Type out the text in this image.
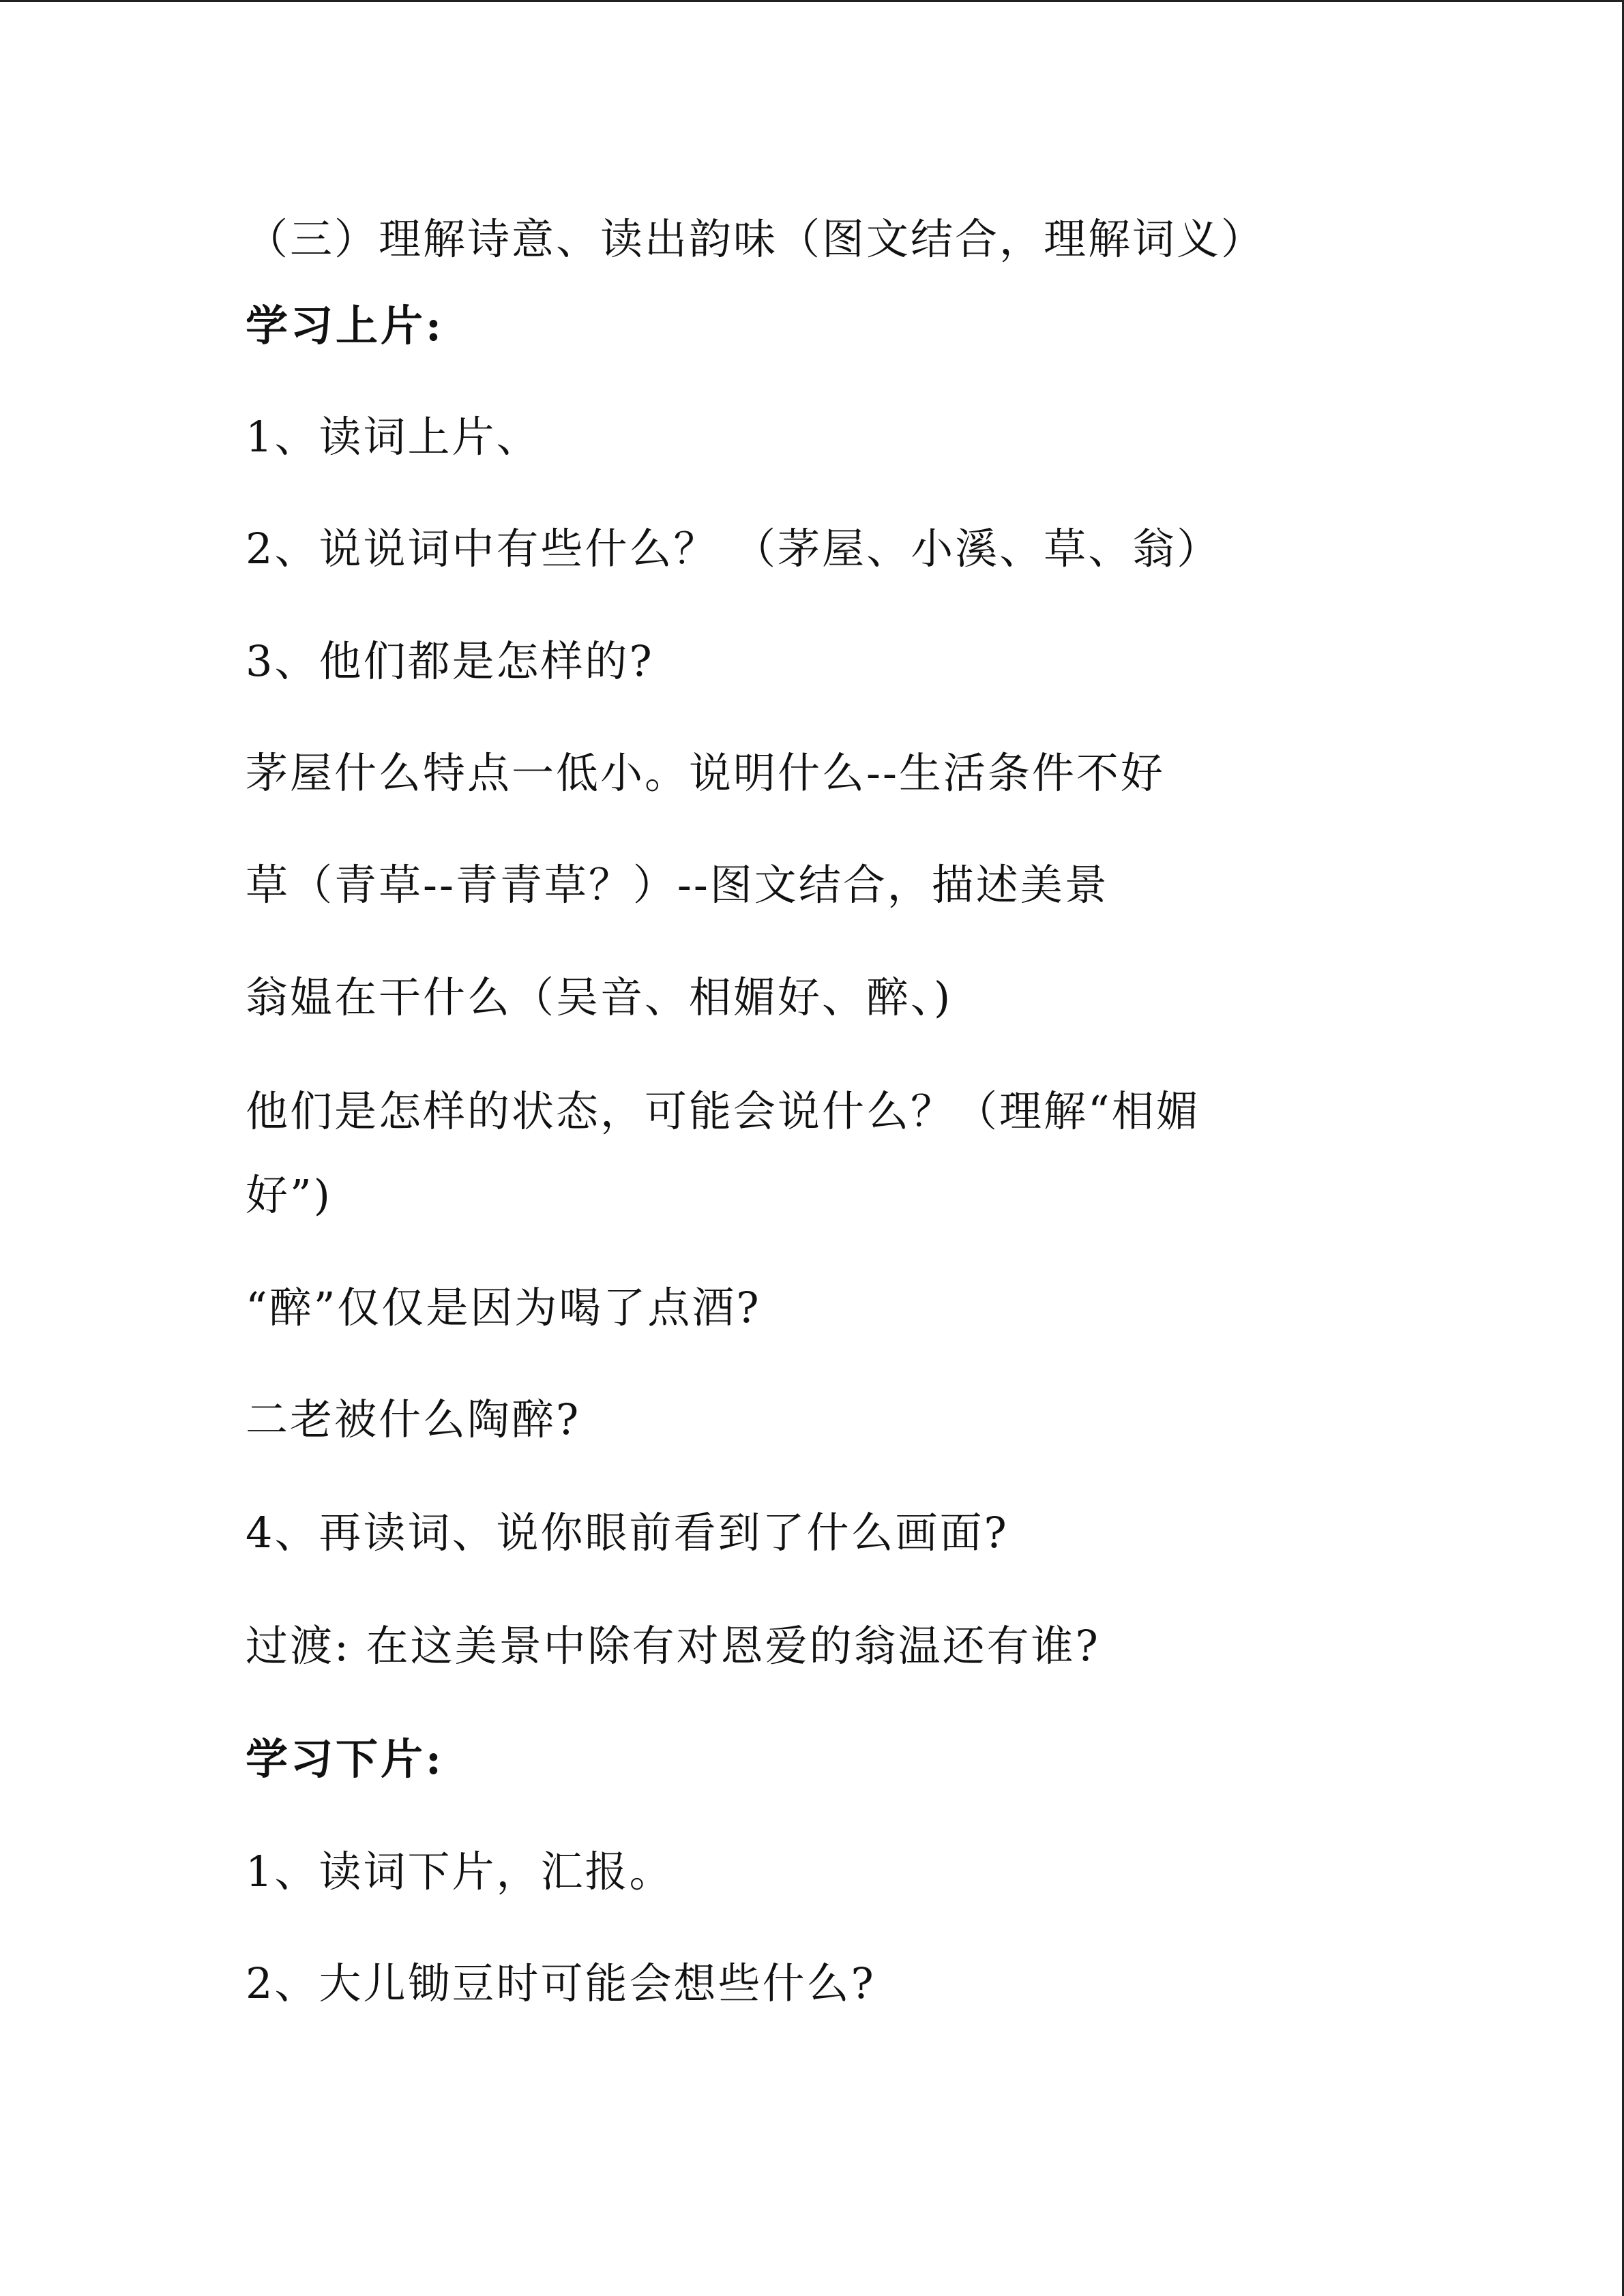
（三）理解诗意、读出韵味（图文结合，理解词义）
学习上片:
1、读词上片、
2、说说词中有些什么？ （茅屋、小溪、草、翁）
3、他们都是怎样的?
茅屋什么特点一低小。说明什么--生活条件不好
草（青草--青青草？）--图文结合，描述美景
翁媪在干什么（吴音、相媚好、醉、)
他们是怎样的状态，可能会说什么？（理解“相媚
好”)
“醉”仅仅是因为喝了点酒?
二老被什么陶醉?
4、再读词、说你眼前看到了什么画面?
过渡: 在这美景中除有对恩爱的翁温还有谁?
学习下片:
1、读词下片，汇报。
2、大儿锄豆时可能会想些什么?
